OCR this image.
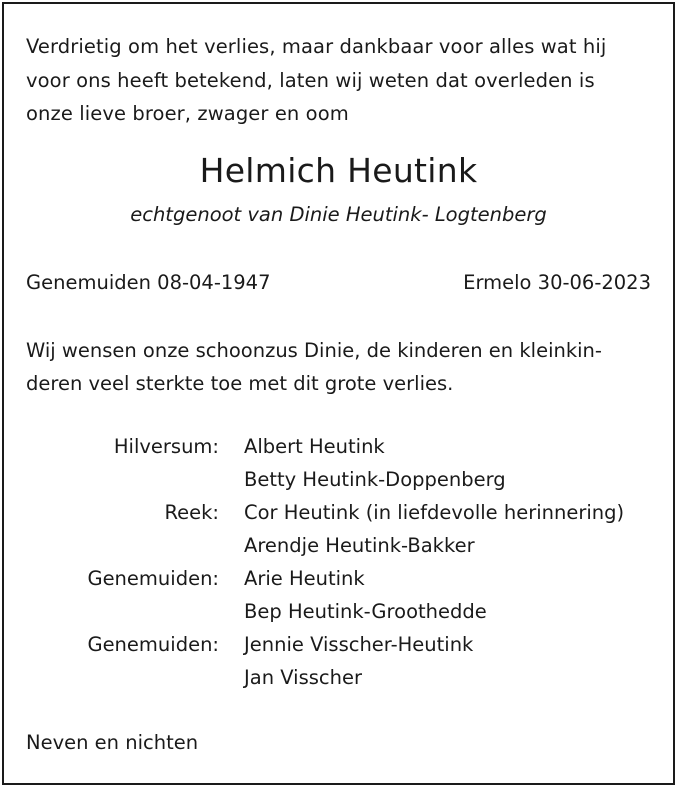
Verdrietig om het verlies, maar dankbaar voor alles wat hij
voor ons heeft betekend, laten wij weten dat overleden is
onze lieve broer, zwager en oom
Helmich Heutink
echtgenoot van Dinie Heutink- Logtenberg
Genemuiden 08-04-1947	Ermelo 30-06-2023
Wij wensen onze schoonzus Dinie, de kinderen en kleinkin-
deren veel sterkte toe met dit grote verlies.
Hilversum: Albert Heutink
Betty Heutink-Doppenberg
Reek: Cor Heutink (in liefdevolle herinnering)
Arendje Heutink-Bakker
Genemuiden: Arie Heutink
Bep Heutink-Groothedde
Genemuiden: Jennie Visscher-Heutink
Jan Visscher
Neven en nichten
